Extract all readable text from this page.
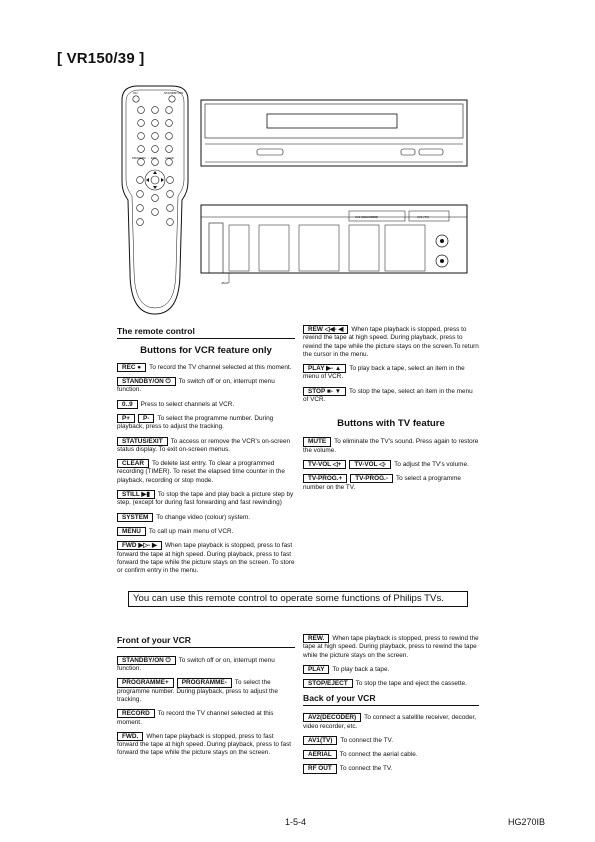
[ VR150/39 ]
ON	STANDBY/ON
PROGRAM EXIT	CLEAR
AV2 (DECODER)	AV1 (TV)
JACK
The remote control
Buttons for VCR feature only
REC ● To record the TV channel selected at this moment.
STANDBY/ON ⏻ To switch off or on, interrupt menu function.
0..9 Press to select channels at VCR.
P+ P- To select the programme number. During playback, press to adjust the tracking.
STATUS/EXIT To access or remove the VCR's on-screen status display. To exit on-screen menus.
CLEAR To delete last entry. To clear a programmed recording (TIMER). To reset the elapsed time counter in the playback, recording or stop mode.
STILL ▶▮ To stop the tape and play back a picture step by step. (except for during fast forwarding and fast rewinding)
SYSTEM To change video (colour) system.
MENU To call up main menu of VCR.
FWD ▶▷- ▶ When tape playback is stopped, press to fast forward the tape at high speed. During playback, press to fast forward the tape while the picture stays on the screen. To store or confirm entry in the menu.
REW ◁◀- ◀ When tape playback is stopped, press to rewind the tape at high speed. During playback, press to rewind the tape while the picture stays on the screen.To return the cursor in the menu.
PLAY ▶- ▲ To play back a tape, select an item in the menu of VCR.
STOP ■- ▼ To stop the tape, select an item in the menu of VCR.
Buttons with TV feature
MUTE To eliminate the TV's sound. Press again to restore the volume.
TV-VOL ◁+ TV-VOL ◁- To adjust the TV's volume.
TV-PROG.+ TV-PROG.- To select a programme number on the TV.
You can use this remote control to operate some functions of Philips TVs.
Front of your VCR
STANDBY/ON ⏻ To switch off or on, interrupt menu function.
PROGRAMME+ PROGRAMME- To select the programme number. During playback, press to adjust the tracking.
RECORD To record the TV channel selected at this moment.
FWD. When tape playback is stopped, press to fast forward the tape at high speed. During playback, press to fast forward the tape while the picture stays on the screen.
REW. When tape playback is stopped, press to rewind the tape at high speed. During playback, press to rewind the tape while the picture stays on the screen.
PLAY To play back a tape.
STOP/EJECT To stop the tape and eject the cassette.
Back of your VCR
AV2(DECODER) To connect a satellite receiver, decoder, video recorder, etc.
AV1(TV) To connect the TV.
AERIAL To connect the aerial cable.
RF OUT To connect the TV.
1-5-4	HG270IB
